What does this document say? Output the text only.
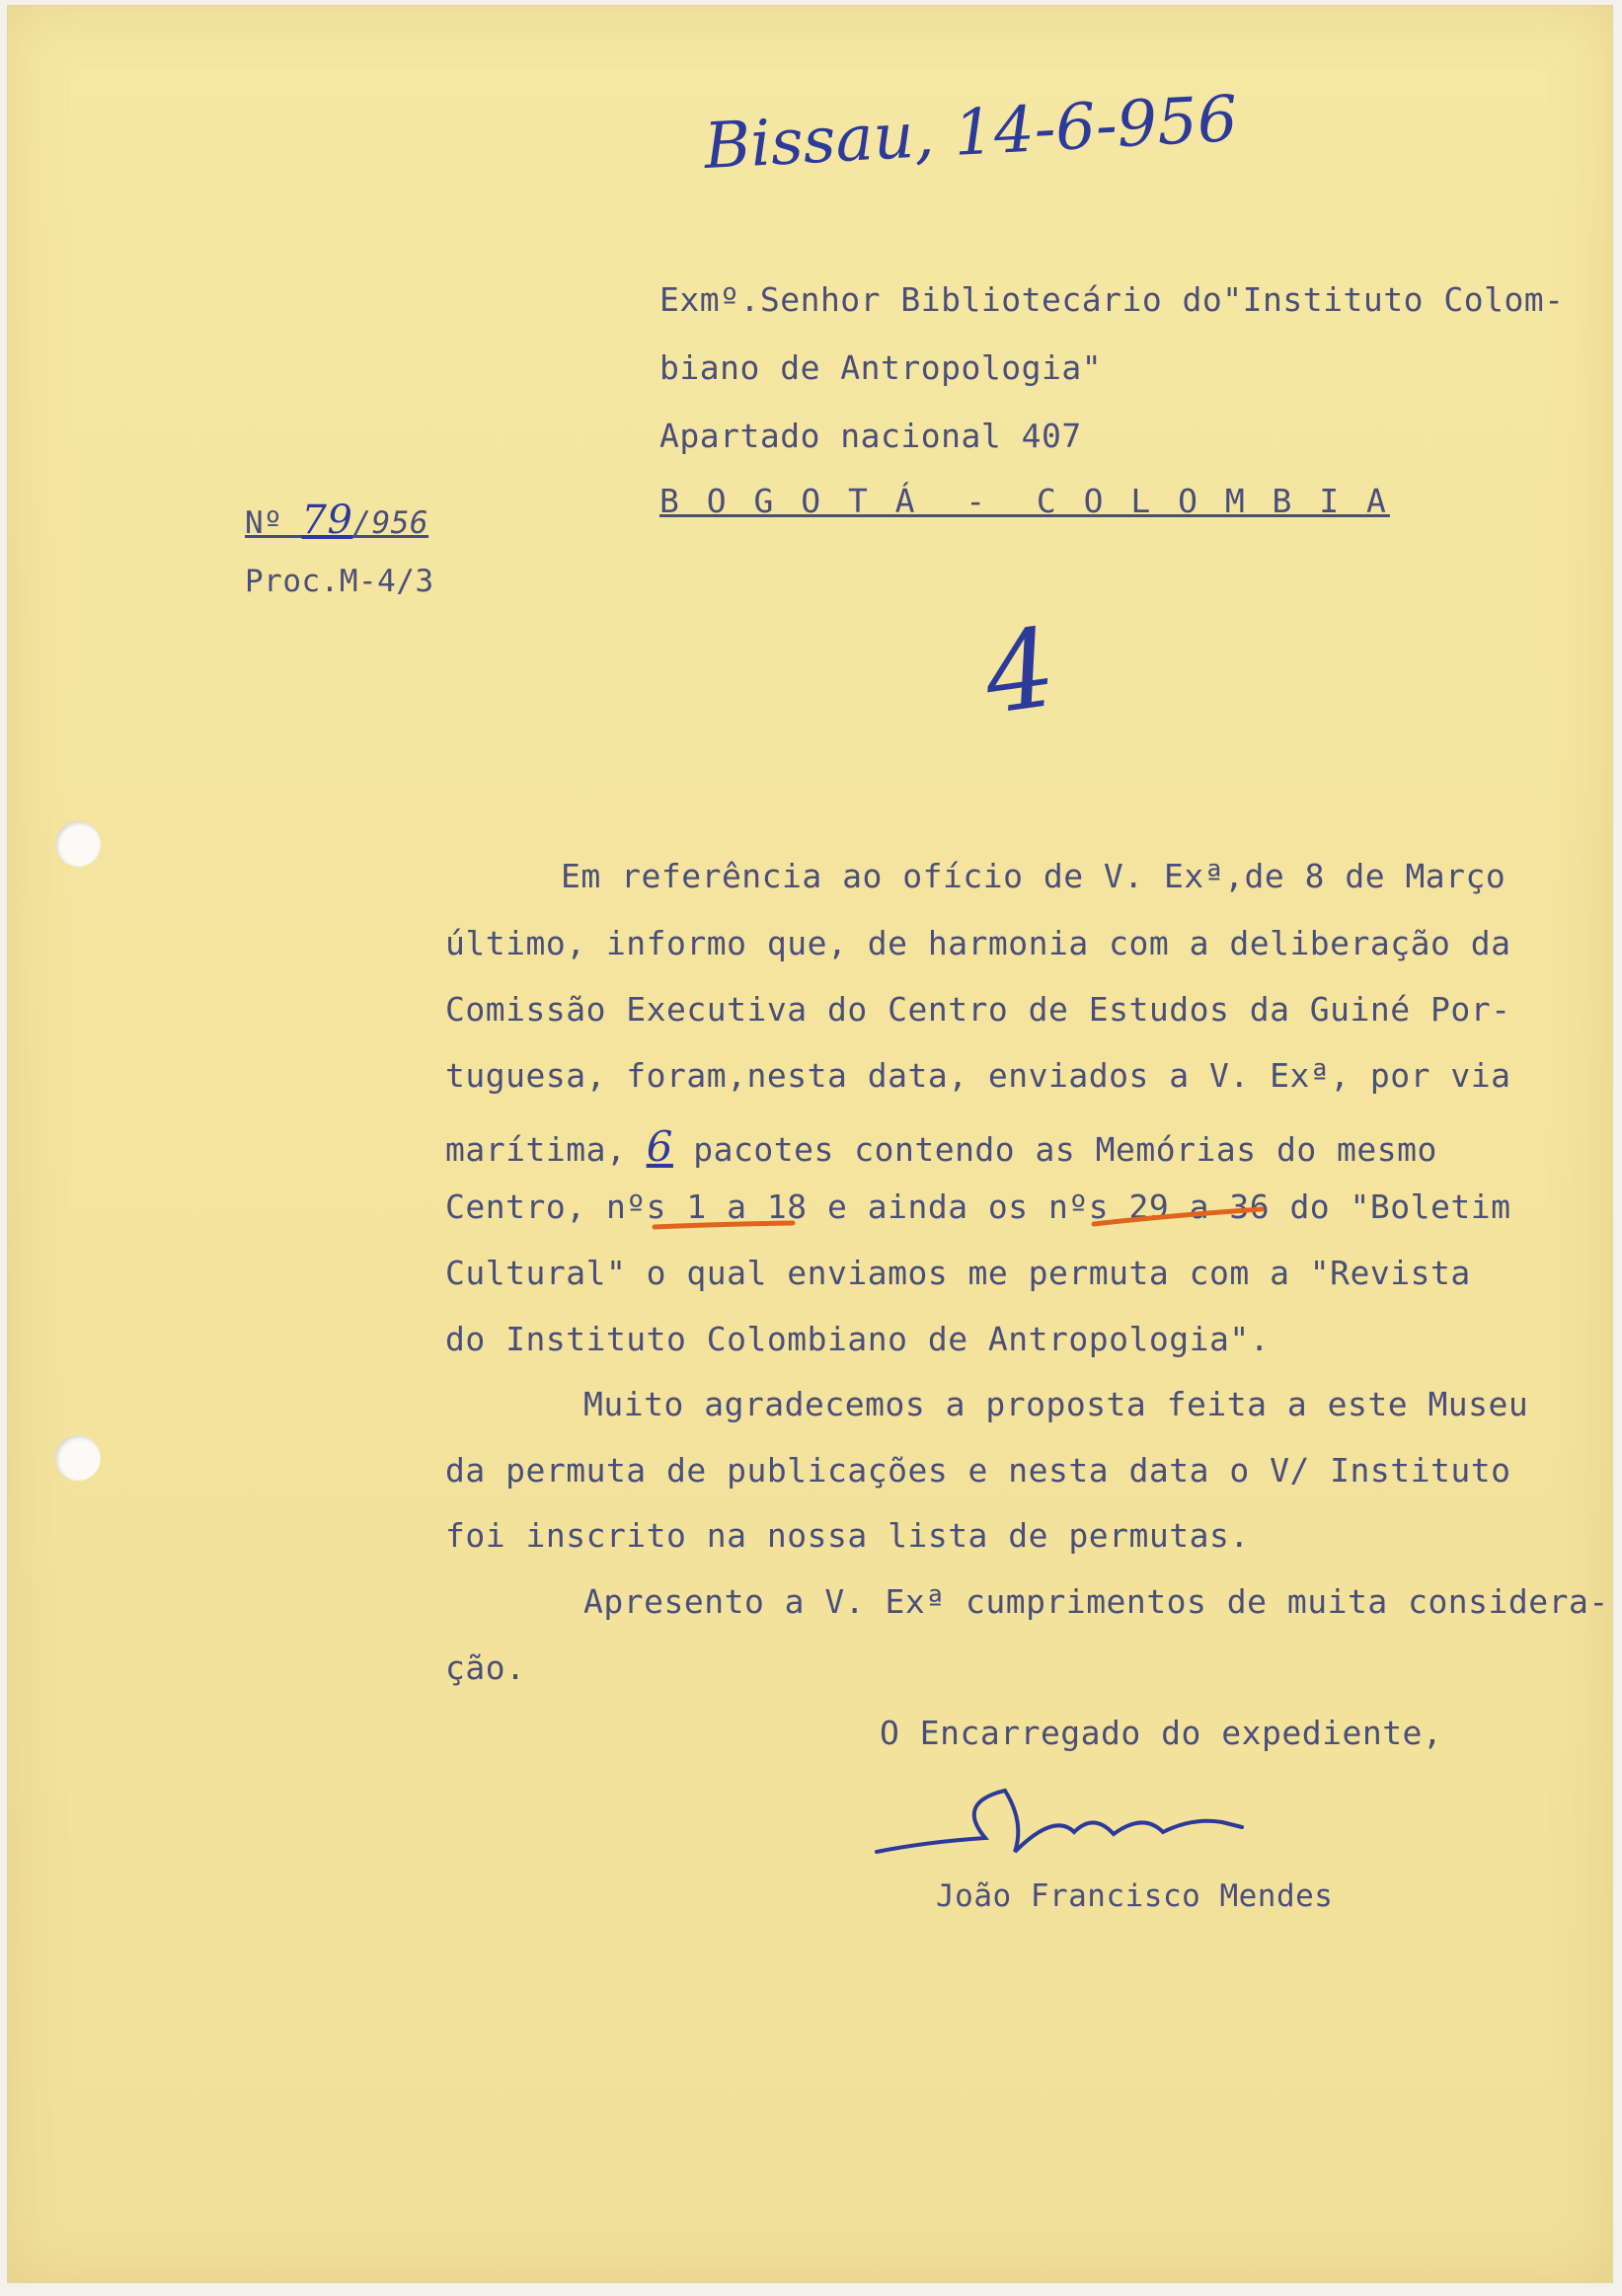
Bissau, 14-6-956
Exmº.Senhor Bibliotecário do"Instituto Colom-
biano de Antropologia"
Apartado nacional 407
B O G O T Á  -  C O L O M B I A
Nº 79/956
Proc.M-4/3
4
Em referência ao ofício de V. Exª,de 8 de Março
último, informo que, de harmonia com a deliberação da
Comissão Executiva do Centro de Estudos da Guiné Por-
tuguesa, foram,nesta data, enviados a V. Exª, por via
marítima, 6 pacotes contendo as Memórias do mesmo
Centro, nºs 1 a 18 e ainda os nºs 29 a 36 do "Boletim
Cultural" o qual enviamos me permuta com a "Revista
do Instituto Colombiano de Antropologia".
Muito agradecemos a proposta feita a este Museu
da permuta de publicações e nesta data o V/ Instituto
foi inscrito na nossa lista de permutas.
Apresento a V. Exª cumprimentos de muita considera-
ção.
O Encarregado do expediente,
João Francisco Mendes
